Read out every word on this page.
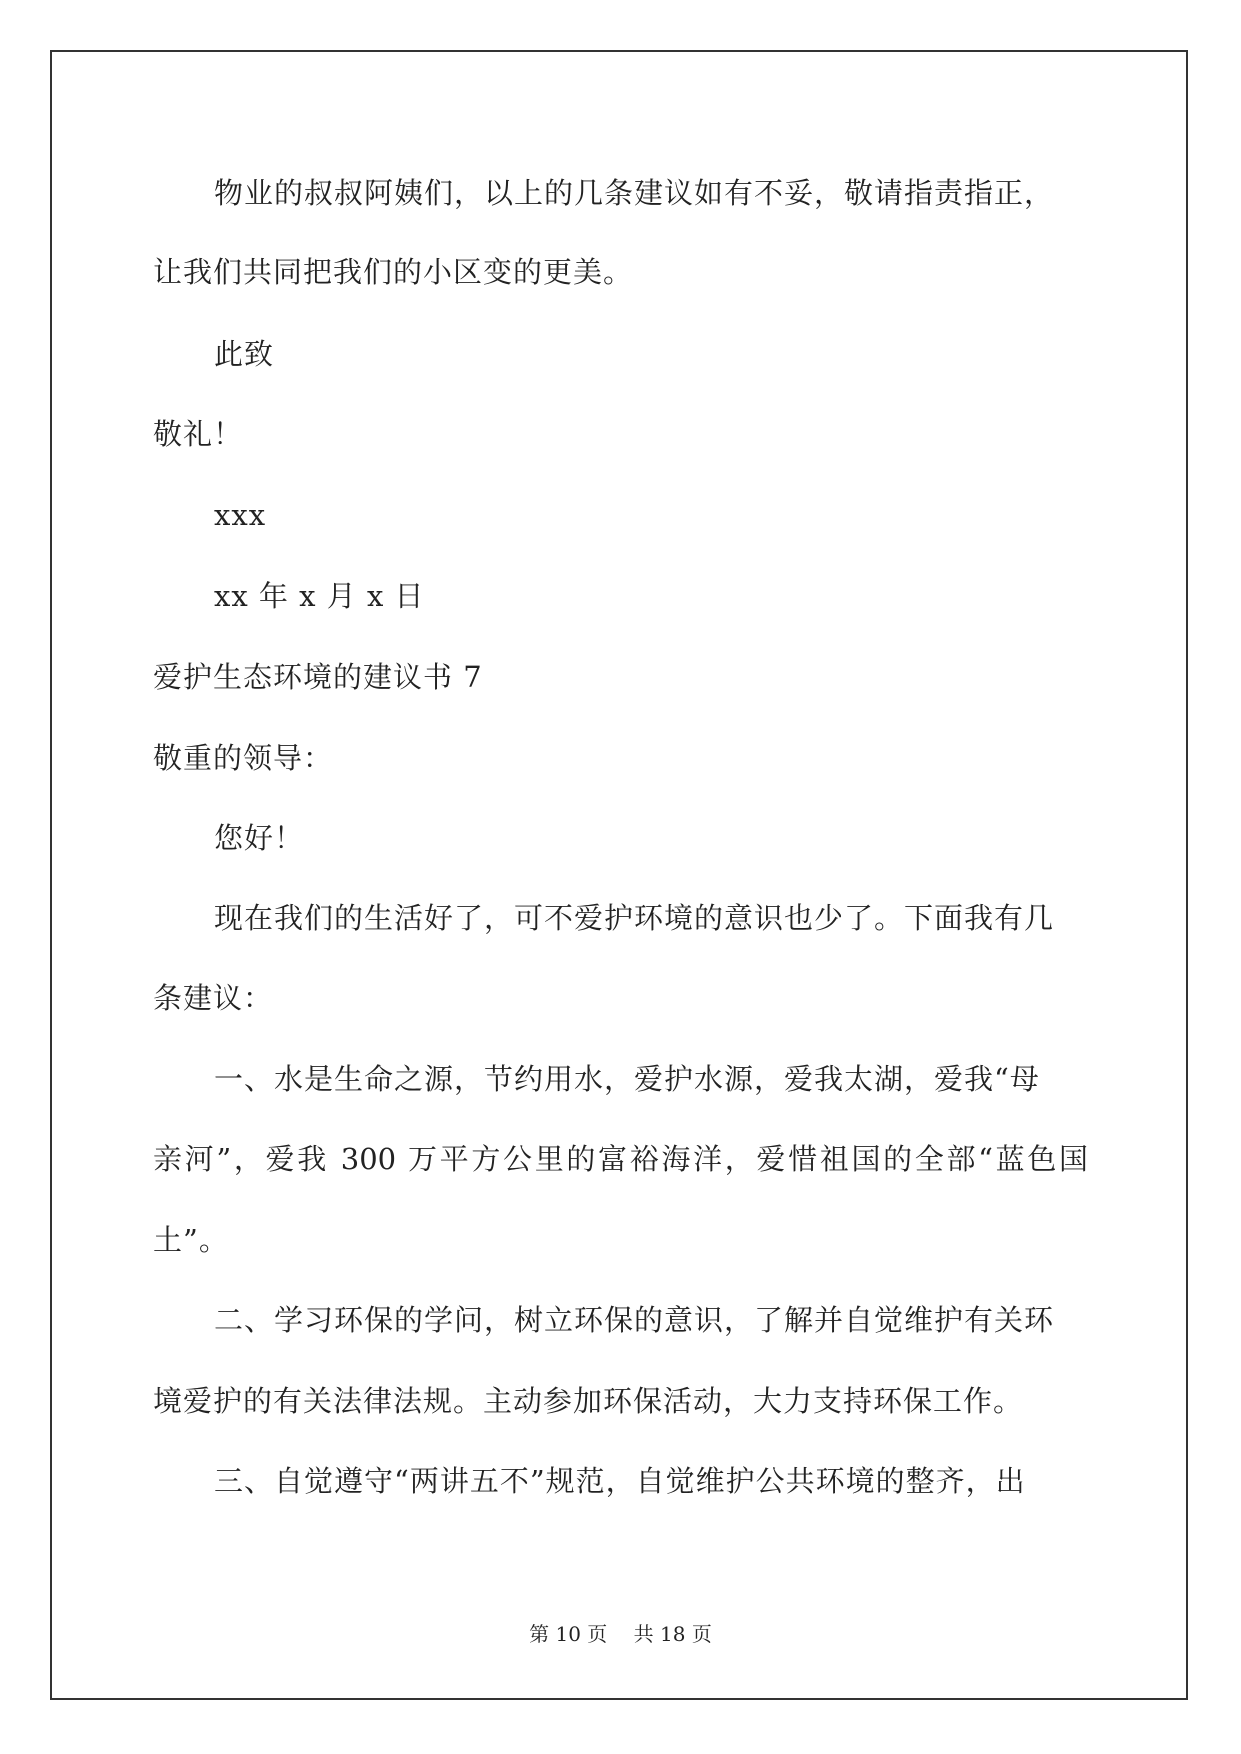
物业的叔叔阿姨们，以上的几条建议如有不妥，敬请指责指正，
让我们共同把我们的小区变的更美。
此致
敬礼！
xxx
xx 年 x 月 x 日
爱护生态环境的建议书 7
敬重的领导：
您好！
现在我们的生活好了，可不爱护环境的意识也少了。下面我有几
条建议：
一、水是生命之源，节约用水，爱护水源，爱我太湖，爱我“母
亲河”，爱我 300 万平方公里的富裕海洋，爱惜祖国的全部“蓝色国
土”。
二、学习环保的学问，树立环保的意识，了解并自觉维护有关环
境爱护的有关法律法规。主动参加环保活动，大力支持环保工作。
三、自觉遵守“两讲五不”规范，自觉维护公共环境的整齐，出
第 10 页 共 18 页
